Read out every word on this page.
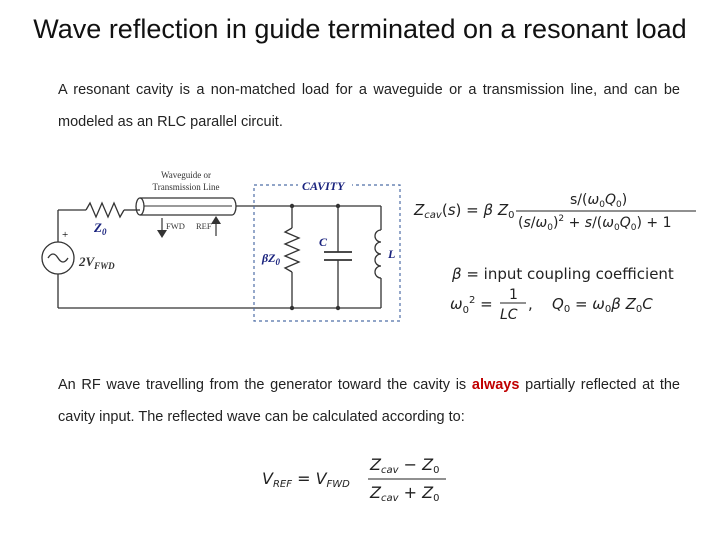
Wave reflection in guide terminated on a resonant load
A resonant cavity is a non-matched load for a waveguide or a transmission line, and can be modeled as an RLC parallel circuit.
+
$2V_{FWD}$
$Z_0$
Waveguide or
Transmission Line
FWD REF
CAVITY
$\beta Z_0$
C
L
$Z_{cav}(s) = \beta$ $Z_0$
$s/(\omega_0Q_0)$
$(s/\omega_0)^2 + s/(\omega_0Q_0) + 1$
β = input coupling coefficient
$\omega_0^2 = 1$
LC
, $Q_0 = \omega_0\beta$ $Z_0C$
An RF wave travelling from the generator toward the cavity is always partially reflected at the cavity input. The reflected wave can be calculated according to:
VREF = VFWD
Zcav − Z0
Zcav + Z0
